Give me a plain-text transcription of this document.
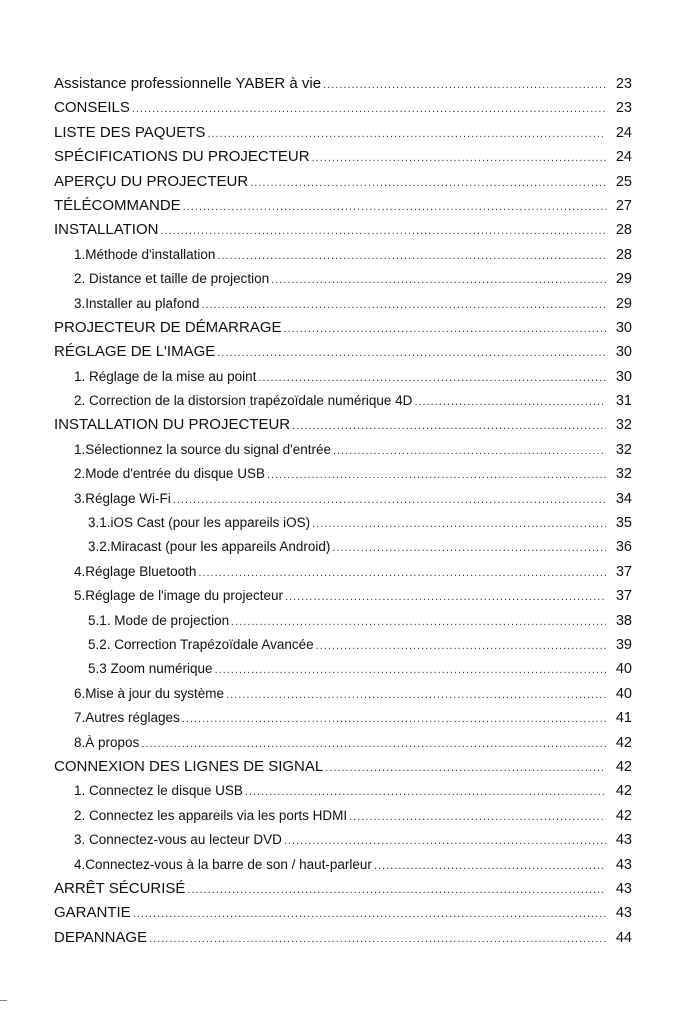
Assistance professionnelle YABER à vie .....	23
CONSEILS .....	23
LISTE DES PAQUETS .....	24
SPÉCIFICATIONS DU PROJECTEUR .....	24
APERÇU DU PROJECTEUR .....	25
TÉLÉCOMMANDE .....	27
INSTALLATION .....	28
1.Méthode d'installation .....	28
2. Distance et taille de projection .....	29
3.Installer au plafond .....	29
PROJECTEUR DE DÉMARRAGE .....	30
RÉGLAGE DE L'IMAGE .....	30
1. Réglage de la mise au point .....	30
2. Correction de la distorsion trapézoïdale numérique 4D .....	31
INSTALLATION DU PROJECTEUR .....	32
1.Sélectionnez la source du signal d'entrée .....	32
2.Mode d'entrée du disque USB .....	32
3.Réglage Wi-Fi .....	34
3.1.iOS Cast (pour les appareils iOS) .....	35
3.2.Miracast (pour les appareils Android) .....	36
4.Réglage Bluetooth .....	37
5.Réglage de l'image du projecteur .....	37
5.1. Mode de projection .....	38
5.2. Correction Trapézoïdale Avancée .....	39
5.3 Zoom numérique .....	40
6.Mise à jour du système .....	40
7.Autres réglages .....	41
8.À propos .....	42
CONNEXION DES LIGNES DE SIGNAL .....	42
1. Connectez le disque USB .....	42
2. Connectez les appareils via les ports HDMI .....	42
3. Connectez-vous au lecteur DVD .....	43
4.Connectez-vous à la barre de son / haut-parleur .....	43
ARRÊT SÉCURISÉ .....	43
GARANTIE .....	43
DEPANNAGE .....	44
